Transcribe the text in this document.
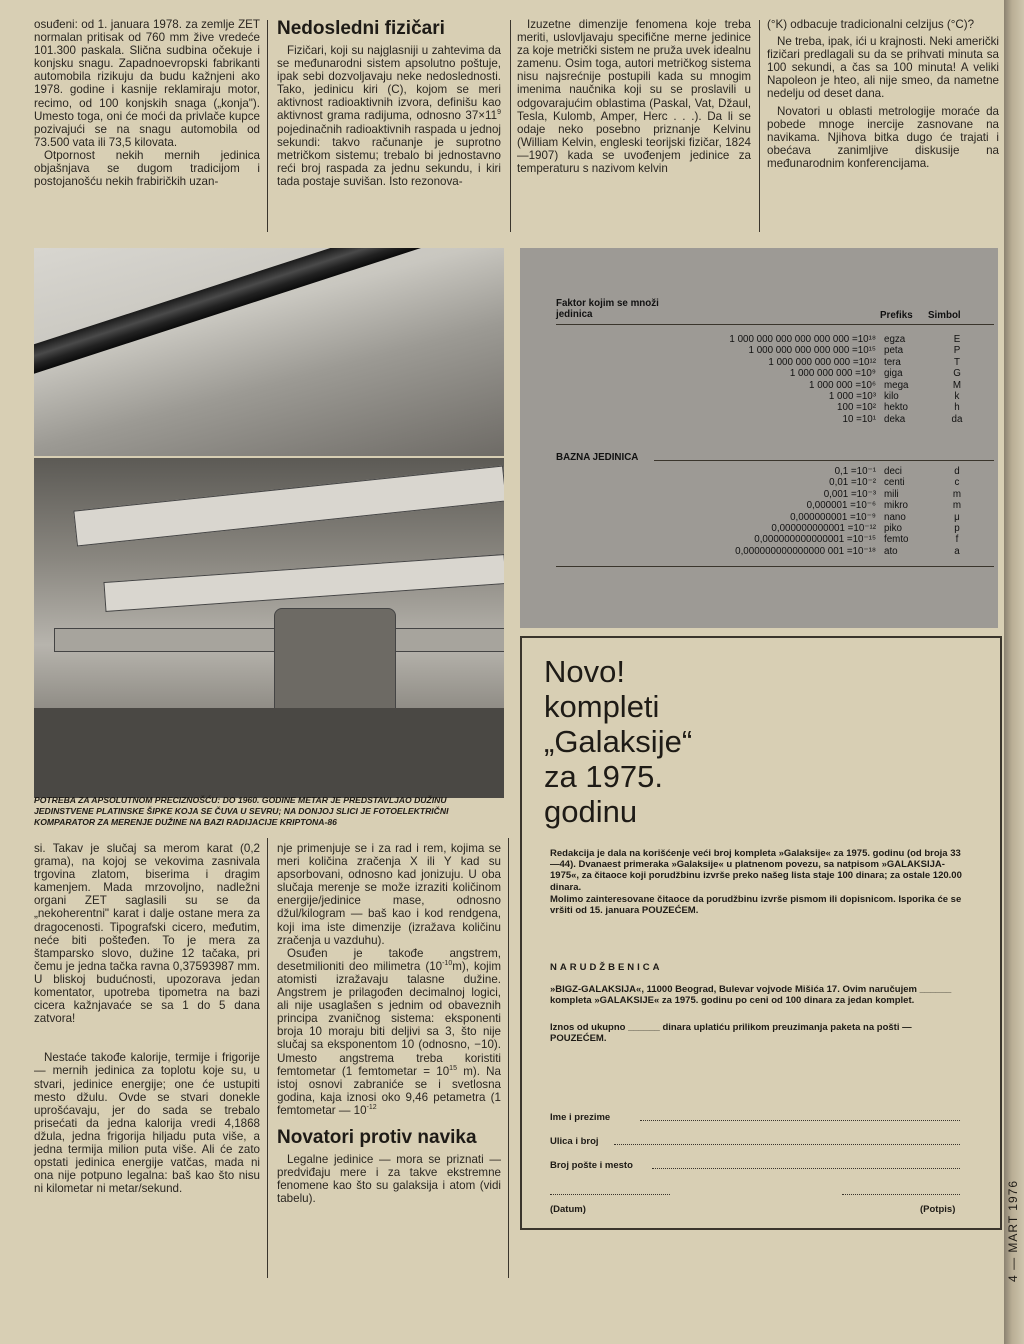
osuđeni: od 1. januara 1978. za zemlje ZET normalan pritisak od 760 mm žive vredeće 101.300 paskala. Slična sudbina očekuje i konjsku snagu. Zapadnoevropski fabrikanti automobila rizikuju da budu kažnjeni ako 1978. godine i kasnije reklamiraju motor, recimo, od 100 konjskih snaga („konja"). Umesto toga, oni će moći da privlače kupce pozivajući se na snagu automobila od 73.500 vata ili 73,5 kilovata.

Otpornost nekih mernih jedinica objašnjava se dugom tradicijom i postojanošću nekih frabiričkih uzan-

Nedosledni fizičari

Fizičari, koji su najglasniji u zahtevima da se međunarodni sistem apsolutno poštuje, ipak sebi dozvoljavaju neke nedoslednosti. Tako, jedinicu kiri (C), kojom se meri aktivnost radioaktivnih izvora, definišu kao aktivnost grama radijuma, odnosno $37\times 11^9$ pojedinačnih radioaktivnih raspada u jednoj sekundi: takvo računanje je suprotno metričkom sistemu; trebalo bi jednostavno reći broj raspada za jednu sekundu, i kiri tada postaje suvišan. Isto rezonova-

Izuzetne dimenzije fenomena koje treba meriti, uslovljavaju specifične merne jedinice za koje metrički sistem ne pruža uvek idealnu zamenu. Osim toga, autori metričkog sistema nisu najsrećnije postupili kada su mnogim imenima naučnika koji su se proslavili u odgovarajućim oblastima (Paskal, Vat, Džaul, Tesla, Kulomb, Amper, Herc . . .). Da li se odaje neko posebno priznanje Kelvinu (William Kelvin, engleski teorijski fizičar, 1824—1907) kada se uvođenjem jedinice za temperaturu s nazivom kelvin

(°K) odbacuje tradicionalni celzijus (°C)?

Ne treba, ipak, ići u krajnosti. Neki američki fizičari predlagali su da se prihvati minuta sa 100 sekundi, a čas sa 100 minuta! A veliki Napoleon je hteo, ali nije smeo, da nametne nedelju od deset dana.

Novatori u oblasti metrologije moraće da pobede mnoge inercije zasnovane na navikama. Njihova bitka dugo će trajati i obećava zanimljive diskusije na međunarodnim konferencijama.

POTREBA ZA APSOLUTNOM PRECIZNOŠĆU: DO 1960. GODINE METAR JE PREDSTAVLJAO DUŽINU JEDINSTVENE PLATINSKE ŠIPKE KOJA SE ČUVA U SEVRU; NA DONJOJ SLICI JE FOTOELEKTRIČNI KOMPARATOR ZA MERENJE DUŽINE NA BAZI RADIJACIJE KRIPTONA-86
Faktor kojim se množi jedinica	Prefiks Simbol
1 000 000 000 000 000 000 =10¹⁸ egza	E
1 000 000 000 000 000 =10¹⁵ peta	P
1 000 000 000 000 =10¹² tera	T
1 000 000 000 =10⁹ giga	G
1 000 000 =10⁶ mega	M
1 000 =10³ kilo	k
100 =10² hekto	h
10 =10¹ deka	da
BAZNA JEDINICA
0,1 =10⁻¹ deci	d
0,01 =10⁻² centi	c
0,001 =10⁻³ mili	m
0,000001 =10⁻⁶ mikro	m
0,000000001 =10⁻⁹ nano	μ
0,000000000001 =10⁻¹² piko	p
0,000000000000001 =10⁻¹⁵ femto	f
0,000000000000000 001 =10⁻¹⁸ ato	a

si. Takav je slučaj sa merom karat (0,2 grama), na kojoj se vekovima zasnivala trgovina zlatom, biserima i dragim kamenjem. Mada mrzovoljno, nadležni organi ZET saglasili su se da „nekoherentni" karat i dalje ostane mera za dragocenosti. Tipografski cicero, međutim, neće biti pošteđen. To je mera za štamparsko slovo, dužine 12 tačaka, pri čemu je jedna tačka ravna 0,37593987 mm. U bliskoj budućnosti, upozorava jedan komentator, upotreba tipometra na bazi cicera kažnjavaće se sa 1 do 5 dana zatvora!

Nestaće takođe kalorije, termije i frigorije — mernih jedinica za toplotu koje su, u stvari, jedinice energije; one će ustupiti mesto džulu. Ovde se stvari donekle uprošćavaju, jer do sada se trebalo prisećati da jedna kalorija vredi 4,1868 džula, jedna frigorija hiljadu puta više, a jedna termija milion puta više. Ali će zato opstati jedinica energije vatčas, mada ni ona nije potpuno legalna: baš kao što nisu ni kilometar ni metar/sekund.

nje primenjuje se i za rad i rem, kojima se meri količina zračenja X ili Y kad su apsorbovani, odnosno kad jonizuju. U oba slučaja merenje se može izraziti količinom energije/jedinice mase, odnosno džul/kilogram — baš kao i kod rendgena, koji ima iste dimenzije (izražava količinu zračenja u vazduhu).

Osuđen je takođe angstrem, desetmilioniti deo milimetra $(10^{-10}m)$, kojim atomisti izražavaju talasne dužine. Angstrem je prilagođen decimalnoj logici, ali nije usaglašen s jednim od obaveznih principa zvaničnog sistema: eksponenti broja 10 moraju biti deljivi sa 3, što nije slučaj sa eksponentom 10 (odnosno, −10). Umesto angstrema treba koristiti femtometar (1 femtometar = $10^{15}$ m). Na istoj osnovi zabraniće se i svetlosna godina, kaja iznosi oko 9,46 petametra (1 femtometar — $10^{-12}$

Novatori protiv navika

Legalne jedinice — mora se priznati — predviđaju mere i za takve ekstremne fenomene kao što su galaksija i atom (vidi tabelu).

Novo!
kompleti
„Galaksije“
za 1975.
godinu
Redakcija je dala na korišćenje veći broj kompleta »Galaksije« za 1975. godinu (od broja 33—44). Dvanaest primeraka »Galaksije« u platnenom povezu, sa natpisom »GALAKSIJA-1975«, za čitaoce koji porudžbinu izvrše preko našeg lista staje 100 dinara; za ostale 120.00 dinara.
Molimo zainteresovane čitaoce da porudžbinu izvrše pismom ili dopisnicom. Isporika će se vršiti od 15. januara POUZEĆEM.
NARUDŽBENICA
»BIGZ-GALAKSIJA«, 11000 Beograd, Bulevar vojvode Mišića 17. Ovim naručujem ______ kompleta »GALAKSIJE« za 1975. godinu po ceni od 100 dinara za jedan komplet.
Iznos od ukupno ______ dinara uplatiću prilikom preuzimanja paketa na pošti — POUZEĆEM.
Ime i prezime
Ulica i broj
Broj pošte i mesto
(Datum)	(Potpis)	4 — MART 1976
